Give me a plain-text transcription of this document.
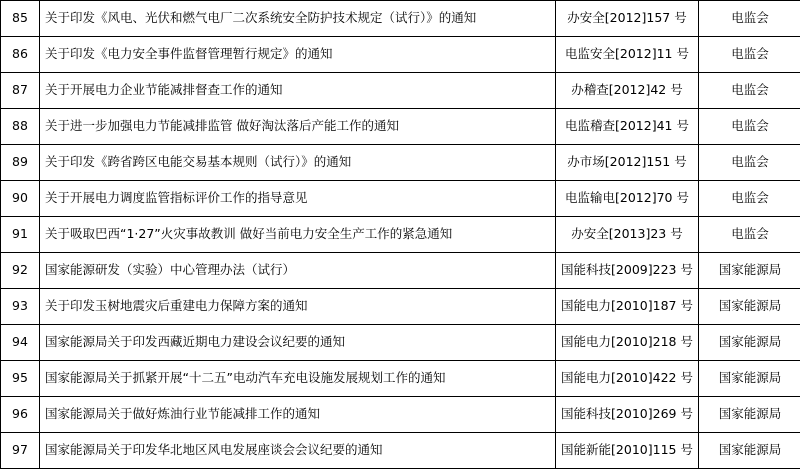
85	关于印发《风电、光伏和燃气电厂二次系统安全防护技术规定（试行）》的通知	办安全[2012]157 号	电监会
86	关于印发《电力安全事件监督管理暂行规定》的通知	电监安全[2012]11 号	电监会
87	关于开展电力企业节能减排督查工作的通知	办稽查[2012]42 号	电监会
88	关于进一步加强电力节能减排监管 做好淘汰落后产能工作的通知	电监稽查[2012]41 号	电监会
89	关于印发《跨省跨区电能交易基本规则（试行）》的通知	办市场[2012]151 号	电监会
90	关于开展电力调度监管指标评价工作的指导意见	电监输电[2012]70 号	电监会
91	关于吸取巴西“1·27”火灾事故教训 做好当前电力安全生产工作的紧急通知	办安全[2013]23 号	电监会
92	国家能源研发（实验）中心管理办法（试行）	国能科技[2009]223 号	国家能源局
93	关于印发玉树地震灾后重建电力保障方案的通知	国能电力[2010]187 号	国家能源局
94	国家能源局关于印发西藏近期电力建设会议纪要的通知	国能电力[2010]218 号	国家能源局
95	国家能源局关于抓紧开展“十二五”电动汽车充电设施发展规划工作的通知	国能电力[2010]422 号	国家能源局
96	国家能源局关于做好炼油行业节能减排工作的通知	国能科技[2010]269 号	国家能源局
97	国家能源局关于印发华北地区风电发展座谈会会议纪要的通知	国能新能[2010]115 号	国家能源局
